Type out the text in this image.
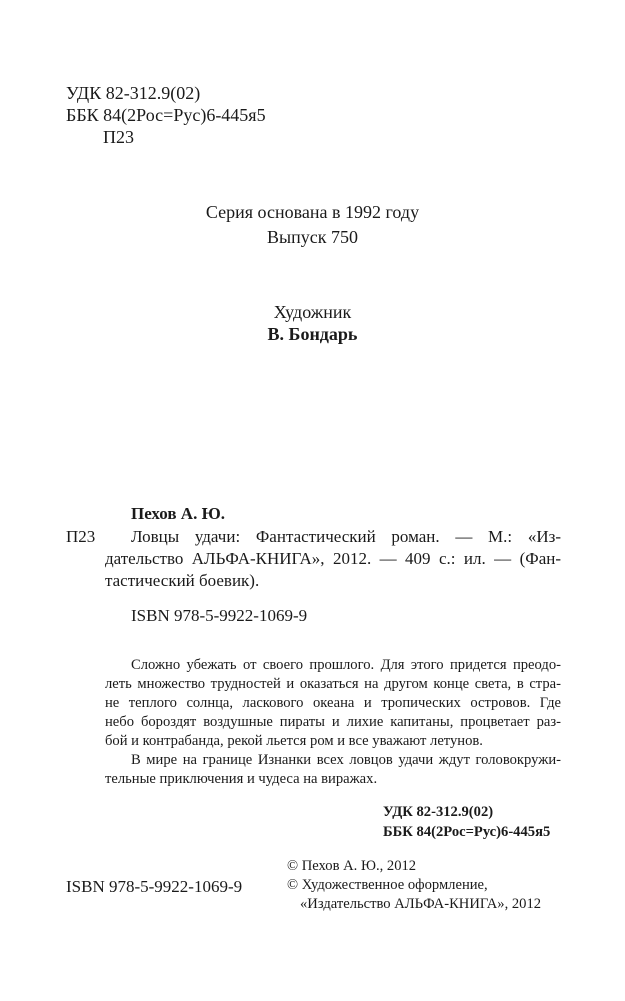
УДК 82-312.9(02)
ББК 84(2Рос=Рус)6-445я5
П23
Серия основана в 1992 году
Выпуск 750
Художник
В. Бондарь
Пехов А. Ю.
П23 Ловцы удачи: Фантастический роман. — М.: «Из-
дательство АЛЬФА-КНИГА», 2012. — 409 с.: ил. — (Фан-
тастический боевик).
ISBN 978-5-9922-1069-9
Сложно убежать от своего прошлого. Для этого придется преодо-
леть множество трудностей и оказаться на другом конце света, в стра-
не теплого солнца, ласкового океана и тропических островов. Где
небо бороздят воздушные пираты и лихие капитаны, процветает раз-
бой и контрабанда, рекой льется ром и все уважают летунов.
В мире на границе Изнанки всех ловцов удачи ждут головокружи-
тельные приключения и чудеса на виражах.
УДК 82-312.9(02)
ББК 84(2Рос=Рус)6-445я5
ISBN 978-5-9922-1069-9
© Пехов А. Ю., 2012
© Художественное оформление,
«Издательство АЛЬФА-КНИГА», 2012
